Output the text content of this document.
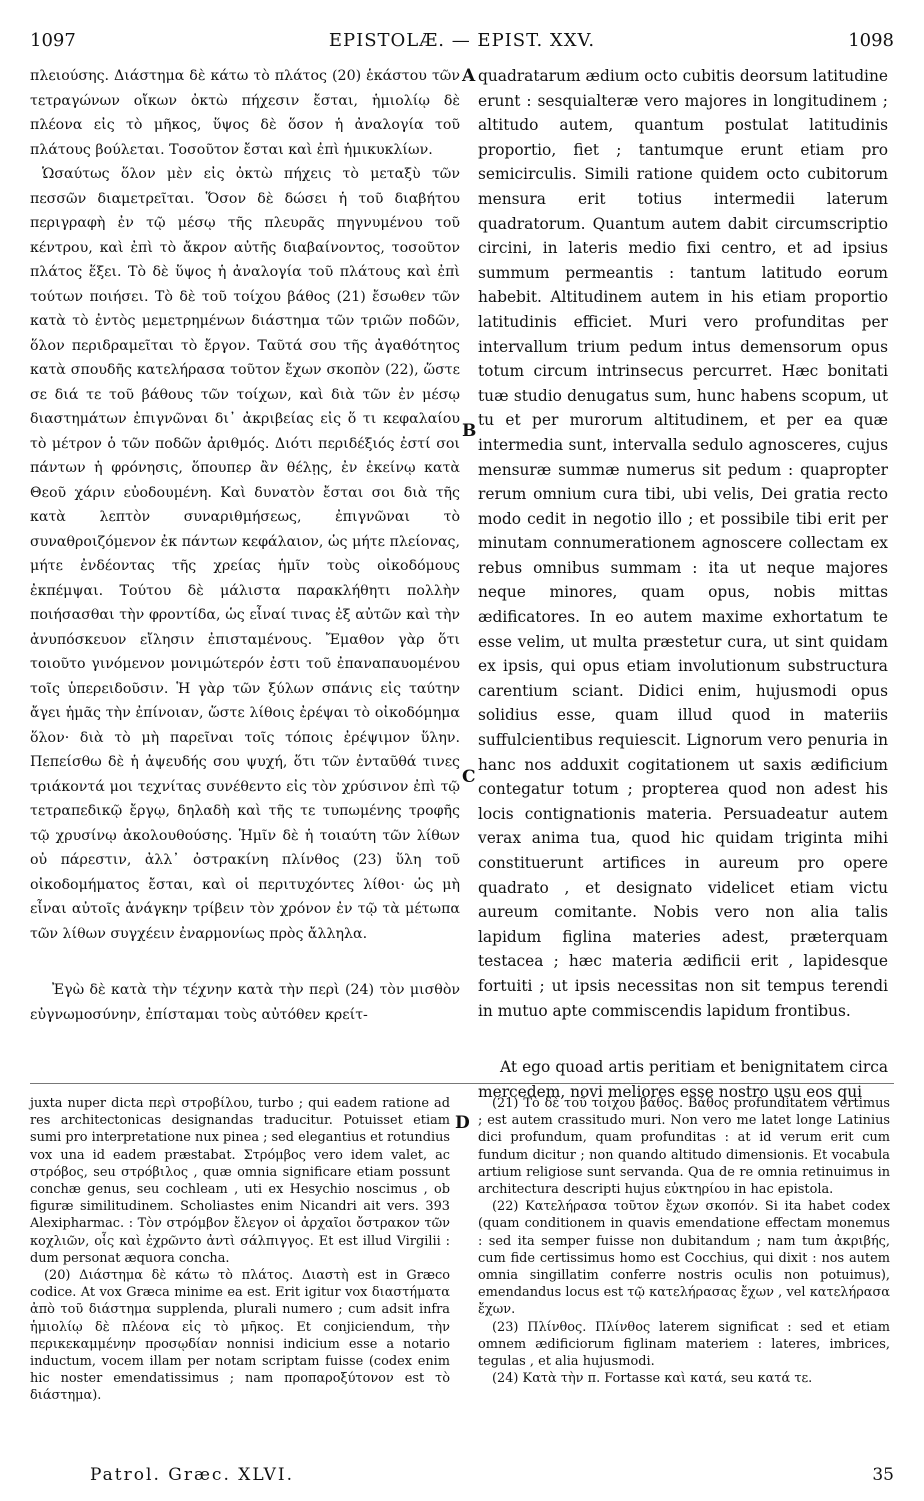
1097	EPISTOLÆ. — EPIST. XXV.	1098

πλειούσης. Διάστημα δὲ κάτω τὸ πλάτος (20) ἑκάστου τῶν τετραγώνων οἴκων ὀκτὼ πήχεσιν ἔσται, ἡμιολίῳ δὲ πλέονα εἰς τὸ μῆκος, ὕψος δὲ ὅσον ἡ ἀναλογία τοῦ πλάτους βούλεται. Τοσοῦτον ἔσται καὶ ἐπὶ ἡμικυκλίων.

Ὡσαύτως ὅλον μὲν εἰς ὀκτὼ πήχεις τὸ μεταξὺ τῶν πεσσῶν διαμετρεῖται. Ὅσον δὲ δώσει ἡ τοῦ διαβήτου περιγραφὴ ἐν τῷ μέσῳ τῆς πλευρᾶς πηγνυμένου τοῦ κέντρου, καὶ ἐπὶ τὸ ἄκρον αὐτῆς διαβαίνοντος, τοσοῦτον πλάτος ἕξει. Τὸ δὲ ὕψος ἡ ἀναλογία τοῦ πλάτους καὶ ἐπὶ τούτων ποιήσει. Τὸ δὲ τοῦ τοίχου βάθος (21) ἔσωθεν τῶν κατὰ τὸ ἐντὸς μεμετρημένων διάστημα τῶν τριῶν ποδῶν, ὅλον περιδραμεῖται τὸ ἔργον. Ταῦτά σου τῆς ἀγαθότητος κατὰ σπουδῆς κατελήρασα τοῦτον ἔχων σκοπὸν (22), ὥστε σε διά τε τοῦ βάθους τῶν τοίχων, καὶ διὰ τῶν ἐν μέσῳ διαστημάτων ἐπιγνῶναι δι᾽ ἀκριβείας εἰς ὅ τι κεφαλαίου τὸ μέτρον ὁ τῶν ποδῶν ἀριθμός. Διότι περιδέξιός ἐστί σοι πάντων ἡ φρόνησις, ὅπουπερ ἂν θέλῃς, ἐν ἐκείνῳ κατὰ Θεοῦ χάριν εὐοδουμένη. Καὶ δυνατὸν ἔσται σοι διὰ τῆς κατὰ λεπτὸν συναριθμήσεως, ἐπιγνῶναι τὸ συναθροιζόμενον ἐκ πάντων κεφάλαιον, ὡς μήτε πλείονας, μήτε ἐνδέοντας τῆς χρείας ἡμῖν τοὺς οἰκοδόμους ἐκπέμψαι. Τούτου δὲ μάλιστα παρακλήθητι πολλὴν ποιήσασθαι τὴν φροντίδα, ὡς εἶναί τινας ἐξ αὐτῶν καὶ τὴν ἀνυπόσκευον εἴλησιν ἐπισταμένους. Ἔμαθον γὰρ ὅτι τοιοῦτο γινόμενον μονιμώτερόν ἐστι τοῦ ἐπαναπαυομένου τοῖς ὑπερειδοῦσιν. Ἡ γὰρ τῶν ξύλων σπάνις εἰς ταύτην ἄγει ἡμᾶς τὴν ἐπίνοιαν, ὥστε λίθοις ἐρέψαι τὸ οἰκοδόμημα ὅλον· διὰ τὸ μὴ παρεῖναι τοῖς τόποις ἐρέψιμον ὕλην. Πεπείσθω δὲ ἡ ἀψευδής σου ψυχή, ὅτι τῶν ἐνταῦθά τινες τριάκοντά μοι τεχνίτας συνέθεντο εἰς τὸν χρύσινον ἐπὶ τῷ τετραπεδικῷ ἔργῳ, δηλαδὴ καὶ τῆς τε τυπωμένης τροφῆς τῷ χρυσίνῳ ἀκολουθούσης. Ἡμῖν δὲ ἡ τοιαύτη τῶν λίθων οὐ πάρεστιν, ἀλλ᾽ ὀστρακίνη πλίνθος (23) ὕλη τοῦ οἰκοδομήματος ἔσται, καὶ οἱ περιτυχόντες λίθοι· ὡς μὴ εἶναι αὐτοῖς ἀνάγκην τρίβειν τὸν χρόνον ἐν τῷ τὰ μέτωπα τῶν λίθων συγχέειν ἐναρμονίως πρὸς ἄλληλα.

Ἐγὼ δὲ κατὰ τὴν τέχνην κατὰ τὴν περὶ (24) τὸν μισθὸν εὐγνωμοσύνην, ἐπίσταμαι τοὺς αὐτόθεν κρείτ-

A
B
C
D

quadratarum ædium octo cubitis deorsum latitudine erunt : sesquialteræ vero majores in longitudinem ; altitudo autem, quantum postulat latitudinis proportio, fiet ; tantumque erunt etiam pro semicirculis. Simili ratione quidem octo cubitorum mensura erit totius intermedii laterum quadratorum. Quantum autem dabit circumscriptio circini, in lateris medio fixi centro, et ad ipsius summum permeantis : tantum latitudo eorum habebit. Altitudinem autem in his etiam proportio latitudinis efficiet. Muri vero profunditas per intervallum trium pedum intus demensorum opus totum circum intrinsecus percurret. Hæc bonitati tuæ studio denugatus sum, hunc habens scopum, ut tu et per murorum altitudinem, et per ea quæ intermedia sunt, intervalla sedulo agnosceres, cujus mensuræ summæ numerus sit pedum : quapropter rerum omnium cura tibi, ubi velis, Dei gratia recto modo cedit in negotio illo ; et possibile tibi erit per minutam connumerationem agnoscere collectam ex rebus omnibus summam : ita ut neque majores neque minores, quam opus, nobis mittas ædificatores. In eo autem maxime exhortatum te esse velim, ut multa præstetur cura, ut sint quidam ex ipsis, qui opus etiam involutionum substructura carentium sciant. Didici enim, hujusmodi opus solidius esse, quam illud quod in materiis suffulcientibus requiescit. Lignorum vero penuria in hanc nos adduxit cogitationem ut saxis ædificium contegatur totum ; propterea quod non adest his locis contignationis materia. Persuadeatur autem verax anima tua, quod hic quidam triginta mihi constituerunt artifices in aureum pro opere quadrato , et designato videlicet etiam victu aureum comitante. Nobis vero non alia talis lapidum figlina materies adest, præterquam testacea ; hæc materia ædificii erit , lapidesque fortuiti ; ut ipsis necessitas non sit tempus terendi in mutuo apte commiscendis lapidum frontibus.

At ego quoad artis peritiam et benignitatem circa mercedem, novi meliores esse nostro usu eos qui

juxta nuper dicta περὶ στροβίλου, turbo ; qui eadem ratione ad res architectonicas designandas traducitur. Potuisset etiam sumi pro interpretatione nux pinea ; sed elegantius et rotundius vox una id eadem præstabat. Στρόμβος vero idem valet, ac στρόβος, seu στρόβιλος , quæ omnia significare etiam possunt conchæ genus, seu cochleam , uti ex Hesychio noscimus , ob figuræ similitudinem. Scholiastes enim Nicandri ait vers. 393 Alexipharmac. : Τὸν στρόμβον ἔλεγον οἱ ἀρχαῖοι ὄστρακον τῶν κοχλιῶν, οἷς καὶ ἐχρῶντο ἀντὶ σάλπιγγος. Et est illud Virgilii : dum personat æquora concha.

(20) Διάστημα δὲ κάτω τὸ πλάτος. Διαστὴ est in Græco codice. At vox Græca minime ea est. Erit igitur vox διαστήματα ἀπὸ τοῦ διάστημα supplenda, plurali numero ; cum adsit infra ἡμιολίῳ δὲ πλέονα εἰς τὸ μῆκος. Et conjiciendum, τὴν περικεκαμμένην προσῳδίαν nonnisi indicium esse a notario inductum, vocem illam per notam scriptam fuisse (codex enim hic noster emendatissimus ; nam προπαροξύτονον est τὸ διάστημα).

(21) Τὸ δὲ τοῦ τοίχου βάθος. Βάθος profunditatem vertimus ; est autem crassitudo muri. Non vero me latet longe Latinius dici profundum, quam profunditas : at id verum erit cum fundum dicitur ; non quando altitudo dimensionis. Et vocabula artium religiose sunt servanda. Qua de re omnia retinuimus in architectura descripti hujus εὐκτηρίου in hac epistola.

(22) Κατελήρασα τοῦτον ἔχων σκοπόν. Si ita habet codex (quam conditionem in quavis emendatione effectam monemus : sed ita semper fuisse non dubitandum ; nam tum ἀκριβής, cum fide certissimus homo est Cocchius, qui dixit : nos autem omnia singillatim conferre nostris oculis non potuimus), emendandus locus est τῷ κατελήρασας ἔχων , vel κατελήρασα ἔχων.

(23) Πλίνθος. Πλίνθος laterem significat : sed et etiam omnem ædificiorum figlinam materiem : lateres, imbrices, tegulas , et alia hujusmodi.

(24) Κατὰ τὴν π. Fortasse καὶ κατά, seu κατά τε.

Patrol. Græc. XLVI.	35
